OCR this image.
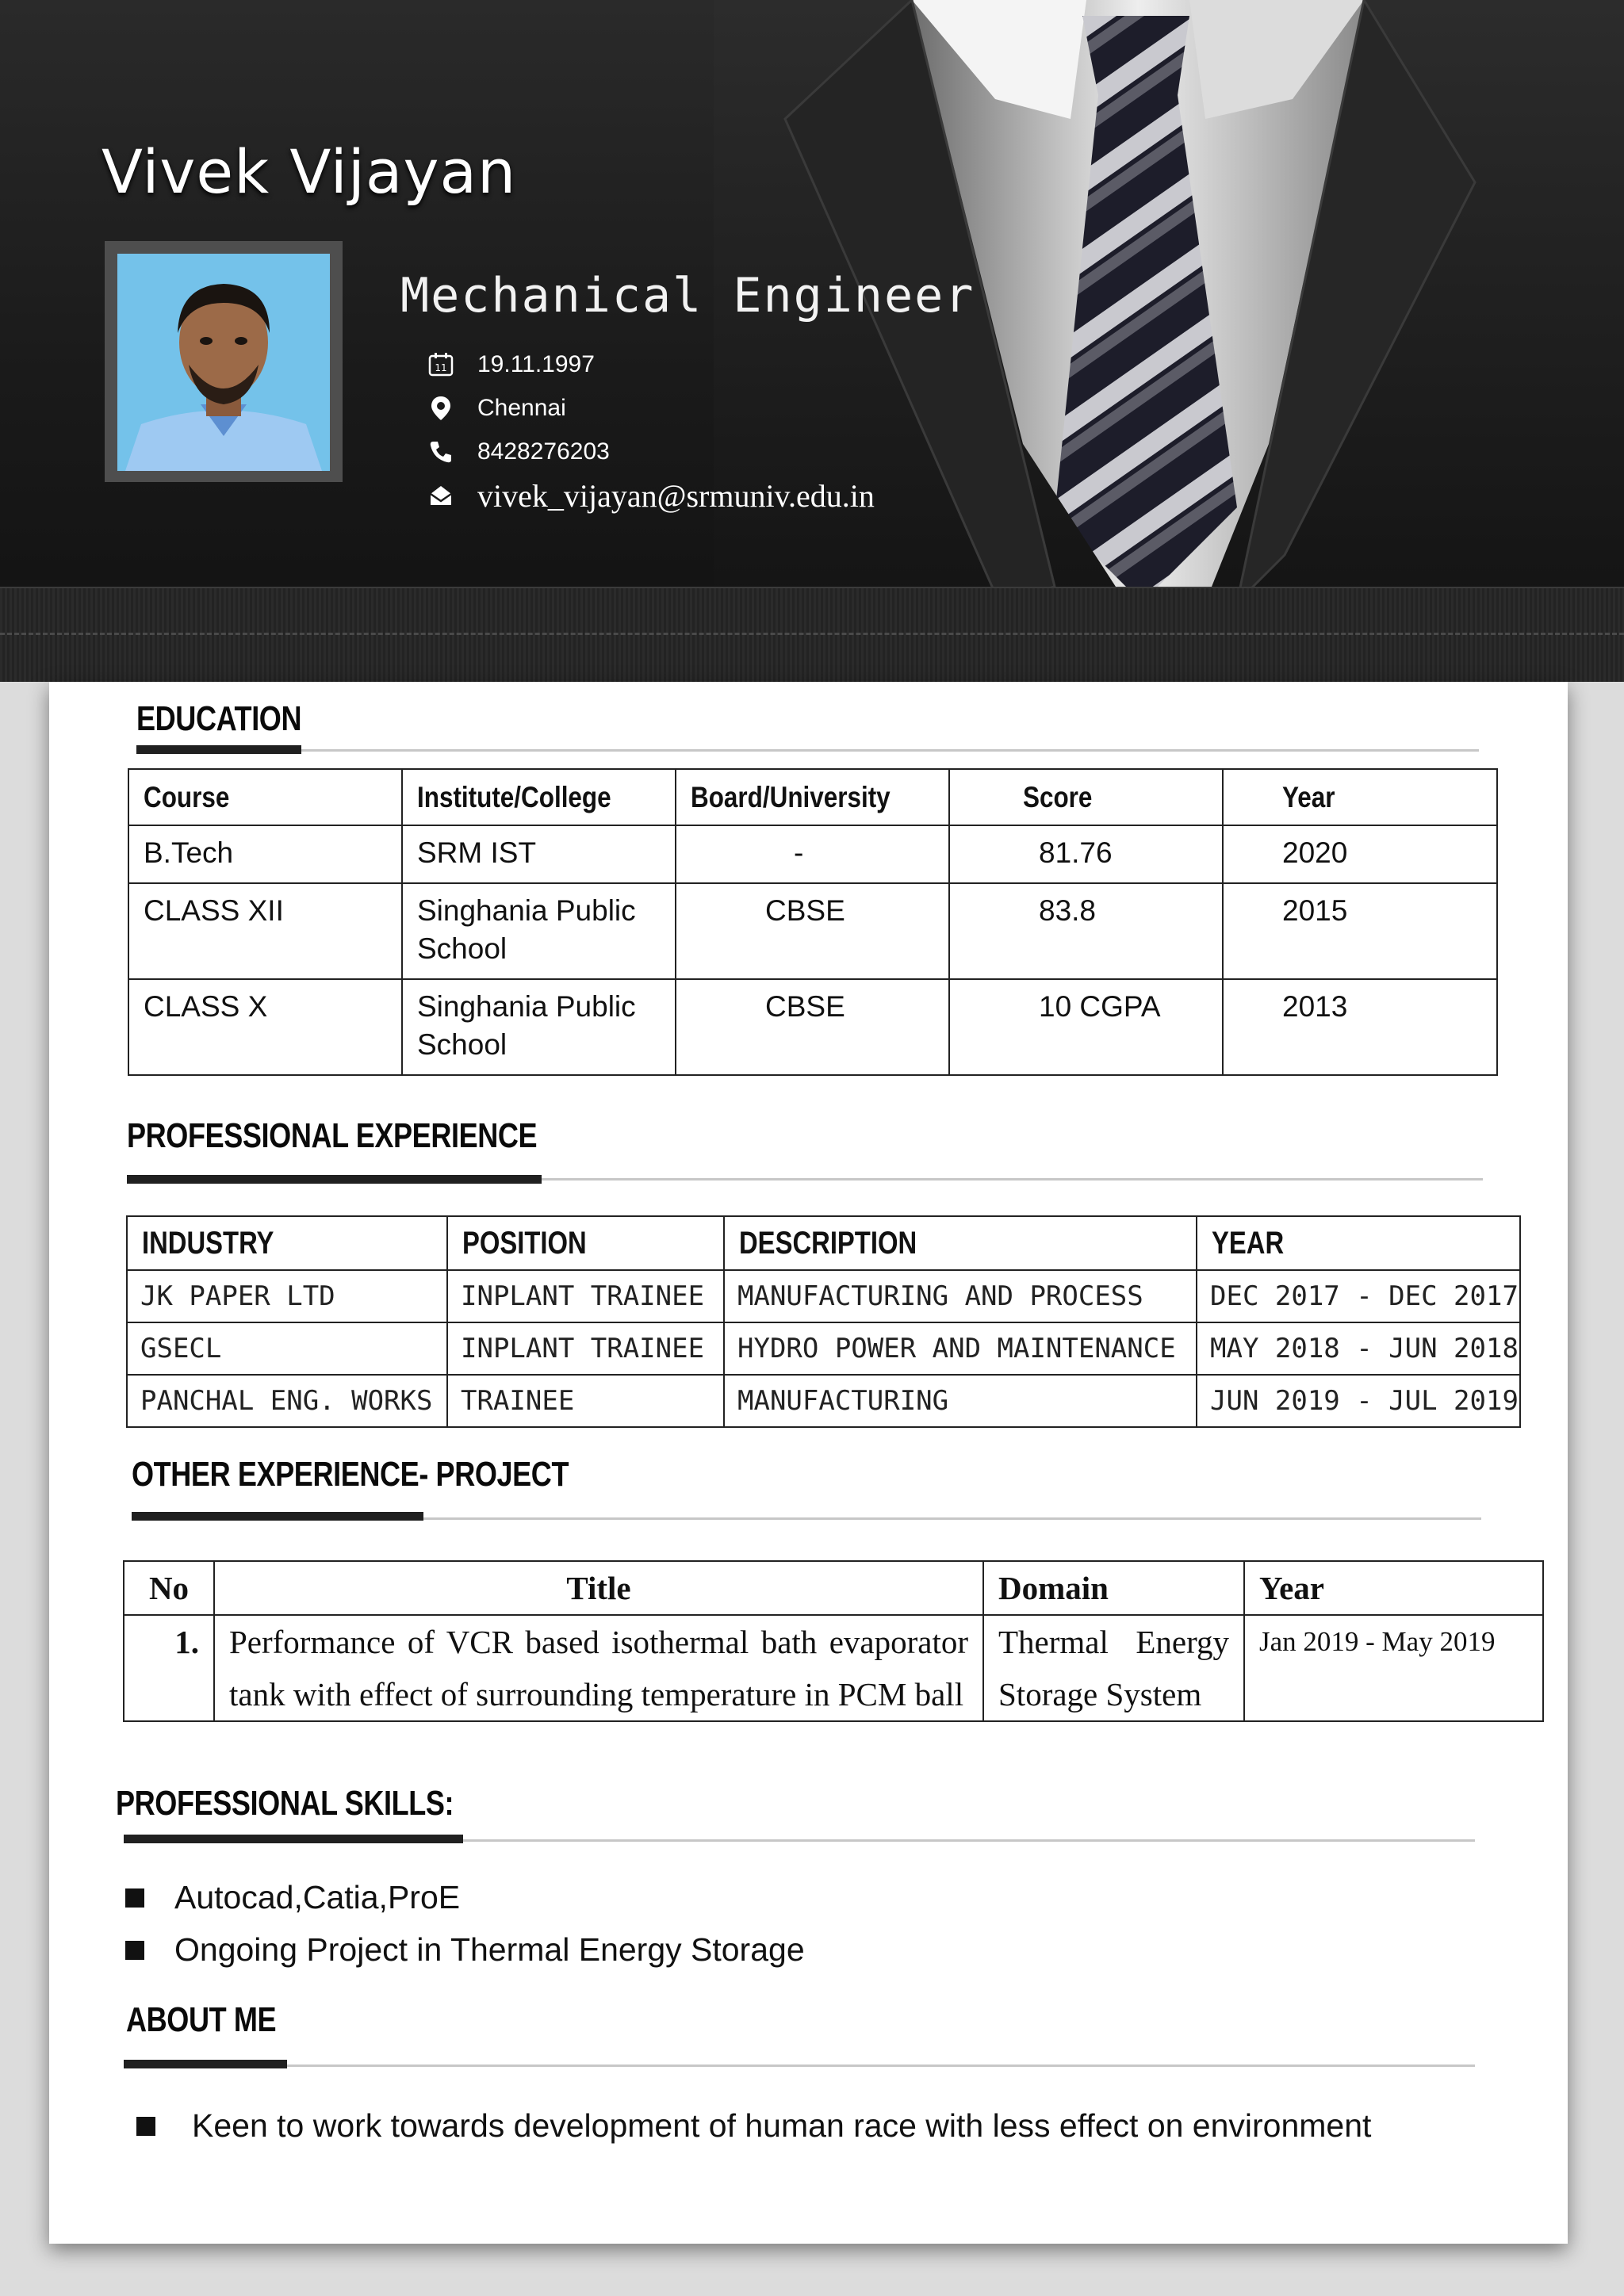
Vivek Vijayan
Mechanical Engineer
11 19.11.1997
Chennai
8428276203
vivek_vijayan@srmuniv.edu.in
EDUCATION
Course	Institute/College	Board/University	Score	Year
B.Tech	SRM IST	-	81.76	2020
CLASS XII	Singhania Public School	CBSE	83.8	2015
CLASS X	Singhania Public School	CBSE	10 CGPA	2013
PROFESSIONAL EXPERIENCE
INDUSTRY	POSITION	DESCRIPTION	YEAR
JK PAPER LTD	INPLANT TRAINEE	MANUFACTURING AND PROCESS	DEC 2017 - DEC 2017
GSECL	INPLANT TRAINEE	HYDRO POWER AND MAINTENANCE	MAY 2018 - JUN 2018
PANCHAL ENG. WORKS	TRAINEE	MANUFACTURING	JUN 2019 - JUL 2019
OTHER EXPERIENCE- PROJECT
No	Title	Domain	Year
1.	Performance of VCR based isothermal bath evaporator tank with effect of surrounding temperature in PCM ball	Thermal Energy Storage System	Jan 2019 - May 2019
PROFESSIONAL SKILLS:
Autocad,Catia,ProE
Ongoing Project in Thermal Energy Storage
ABOUT ME
Keen to work towards development of human race with less effect on environment
